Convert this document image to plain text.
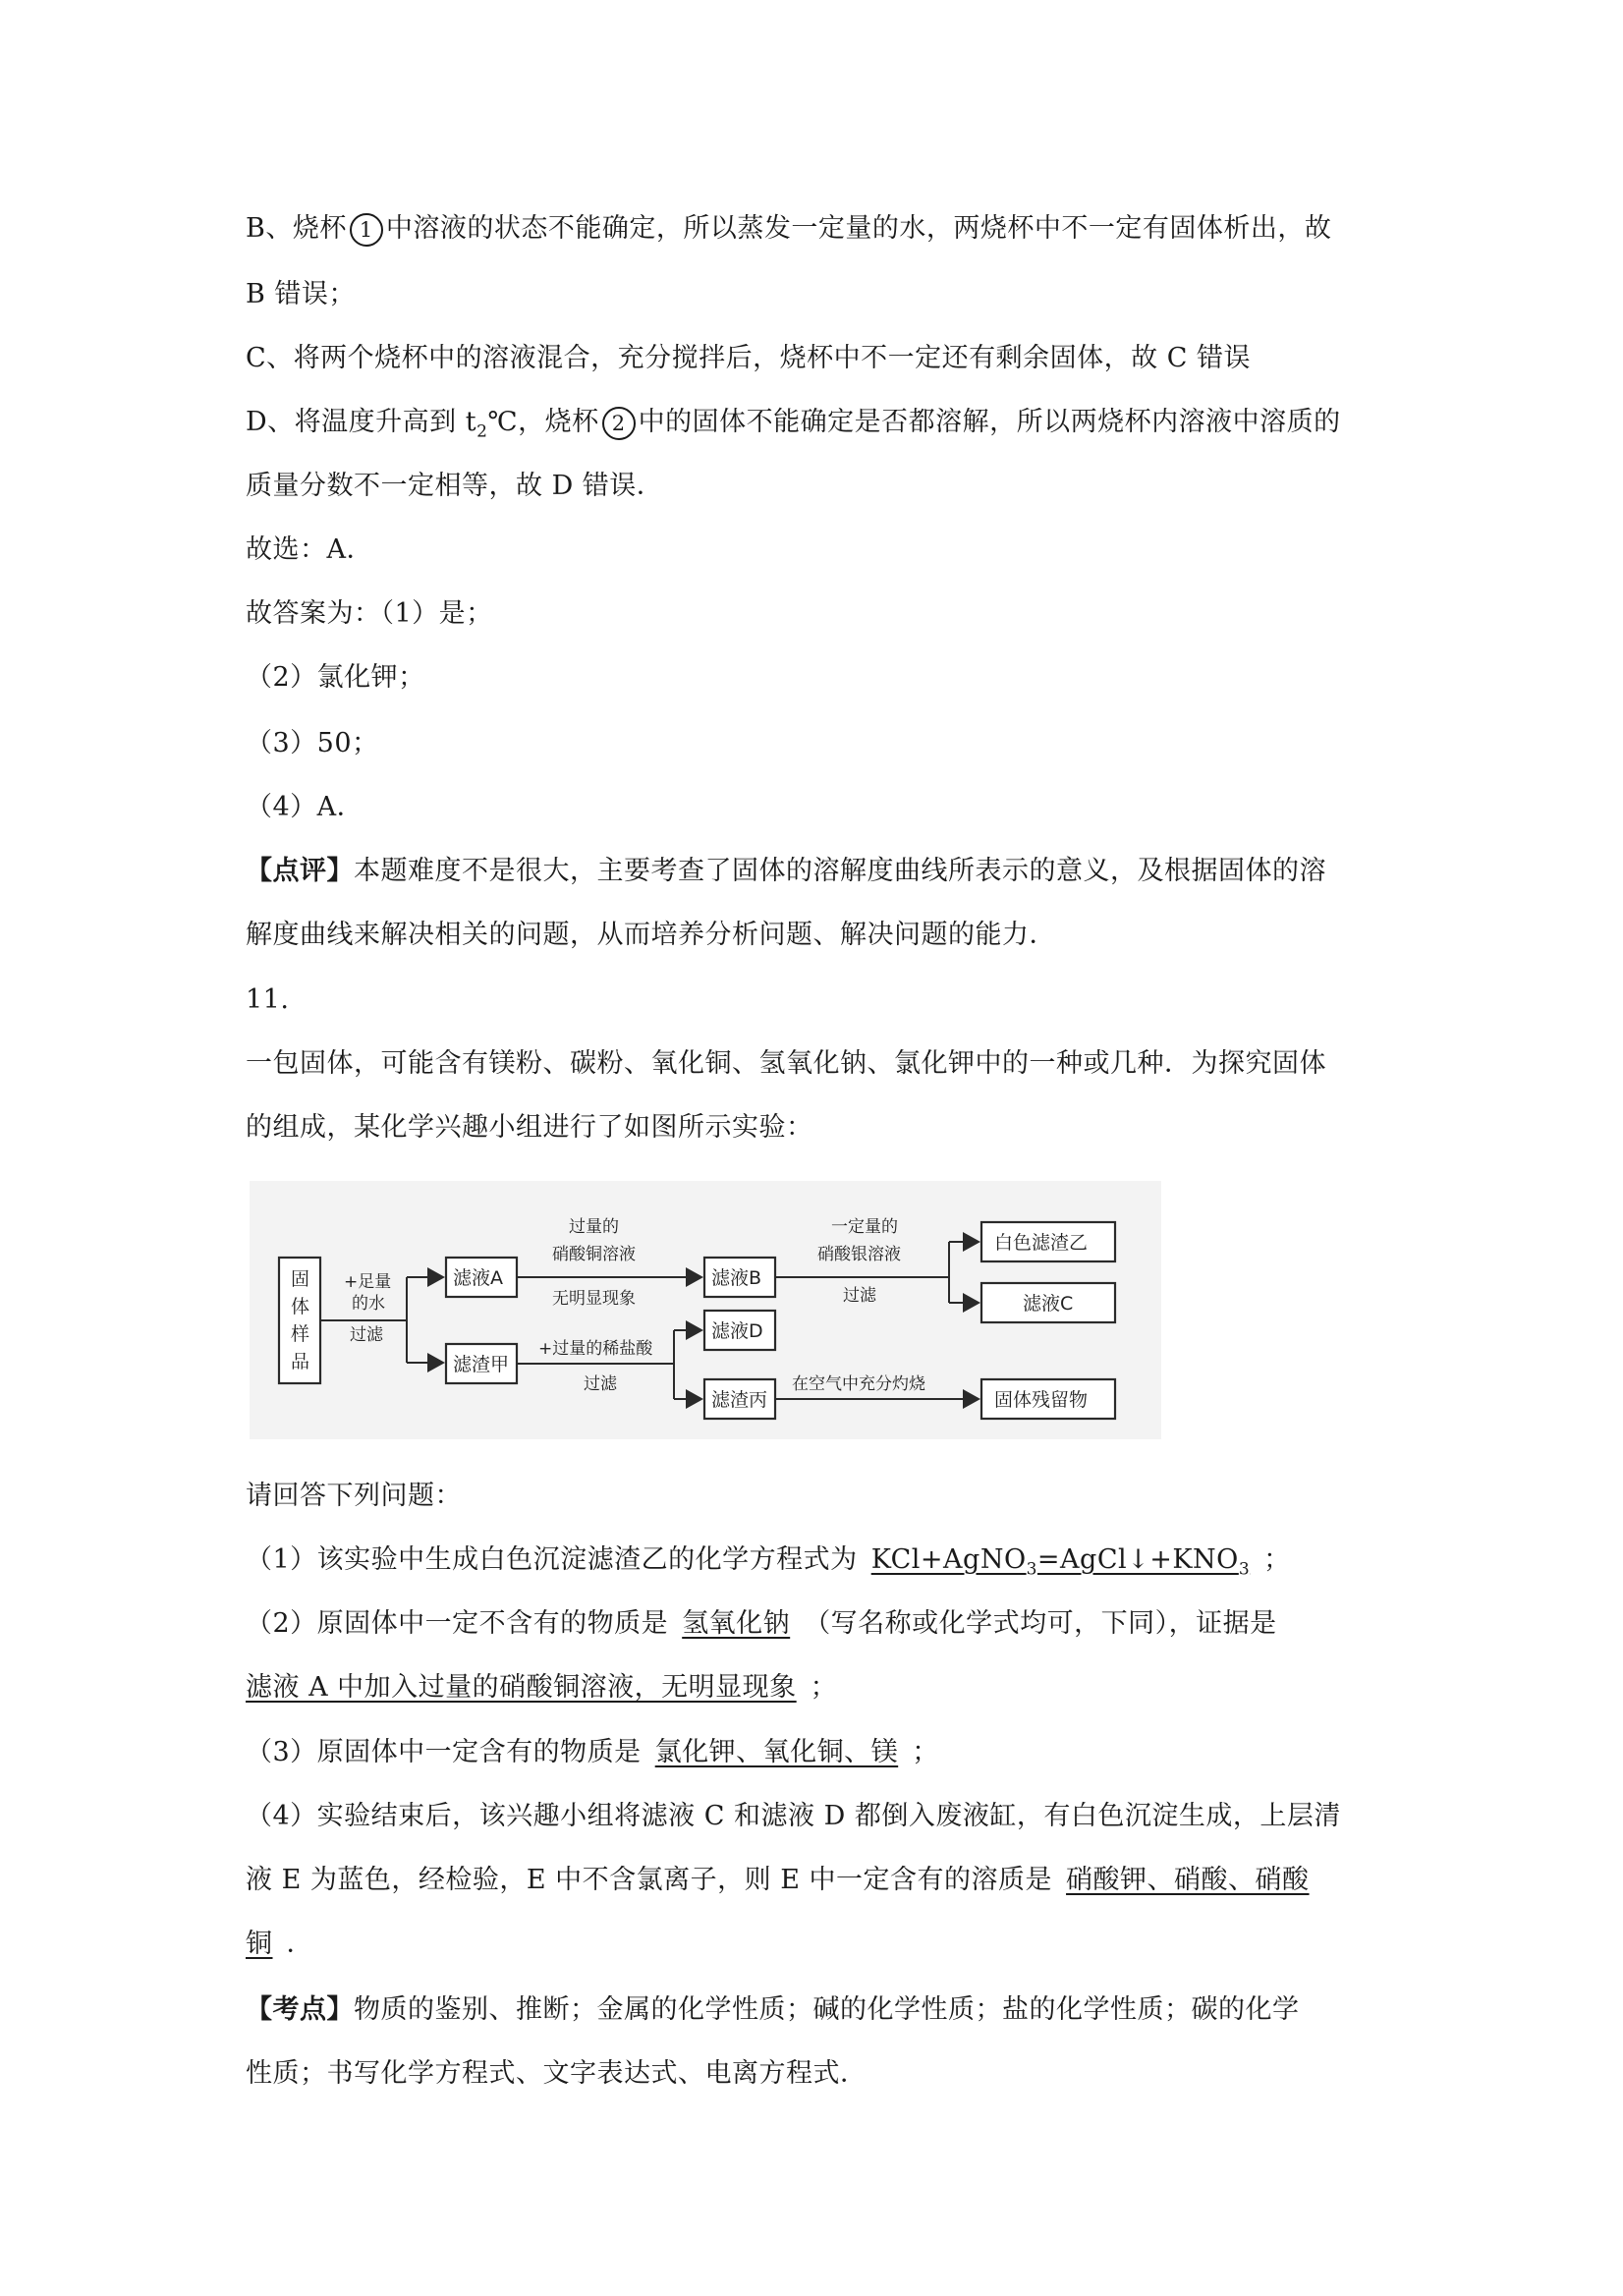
B、烧杯 1 中溶液的状态不能确定，所以蒸发一定量的水，两烧杯中不一定有固体析出，故
B 错误；
C、将两个烧杯中的溶液混合，充分搅拌后，烧杯中不一定还有剩余固体，故 C 错误
D、将温度升高到 $t_2℃$，烧杯 2 中的固体不能确定是否都溶解，所以两烧杯内溶液中溶质的
质量分数不一定相等，故 D 错误．
故选：A．
故答案为：（1）是；
（2）氯化钾；
（3）50；
（4）A．
【点评】本题难度不是很大，主要考查了固体的溶解度曲线所表示的意义，及根据固体的溶
解度曲线来解决相关的问题，从而培养分析问题、解决问题的能力．
11.
一包固体，可能含有镁粉、碳粉、氧化铜、氢氧化钠、氯化钾中的一种或几种．为探究固体
的组成，某化学兴趣小组进行了如图所示实验：
固
体
样
品
+足量
的水
过滤
滤液A
滤渣甲
过量的
硝酸铜溶液
无明显现象
滤液B
一定量的
硝酸银溶液
过滤
白色滤渣乙
滤液C
+过量的稀盐酸
过滤
滤液D
滤渣丙
在空气中充分灼烧
固体残留物
请回答下列问题：
（1）该实验中生成白色沉淀滤渣乙的化学方程式为 $KCl+AgNO_3=AgCl↓+KNO_3$ ；
（2）原固体中一定不含有的物质是 氢氧化钠 （写名称或化学式均可，下同），证据是
滤液 A 中加入过量的硝酸铜溶液，无明显现象 ；
（3）原固体中一定含有的物质是 氯化钾、氧化铜、镁 ；
（4）实验结束后，该兴趣小组将滤液 C 和滤液 D 都倒入废液缸，有白色沉淀生成，上层清
液 E 为蓝色，经检验，E 中不含氯离子，则 E 中一定含有的溶质是 硝酸钾、硝酸、硝酸
铜 ．
【考点】物质的鉴别、推断；金属的化学性质；碱的化学性质；盐的化学性质；碳的化学
性质；书写化学方程式、文字表达式、电离方程式．
